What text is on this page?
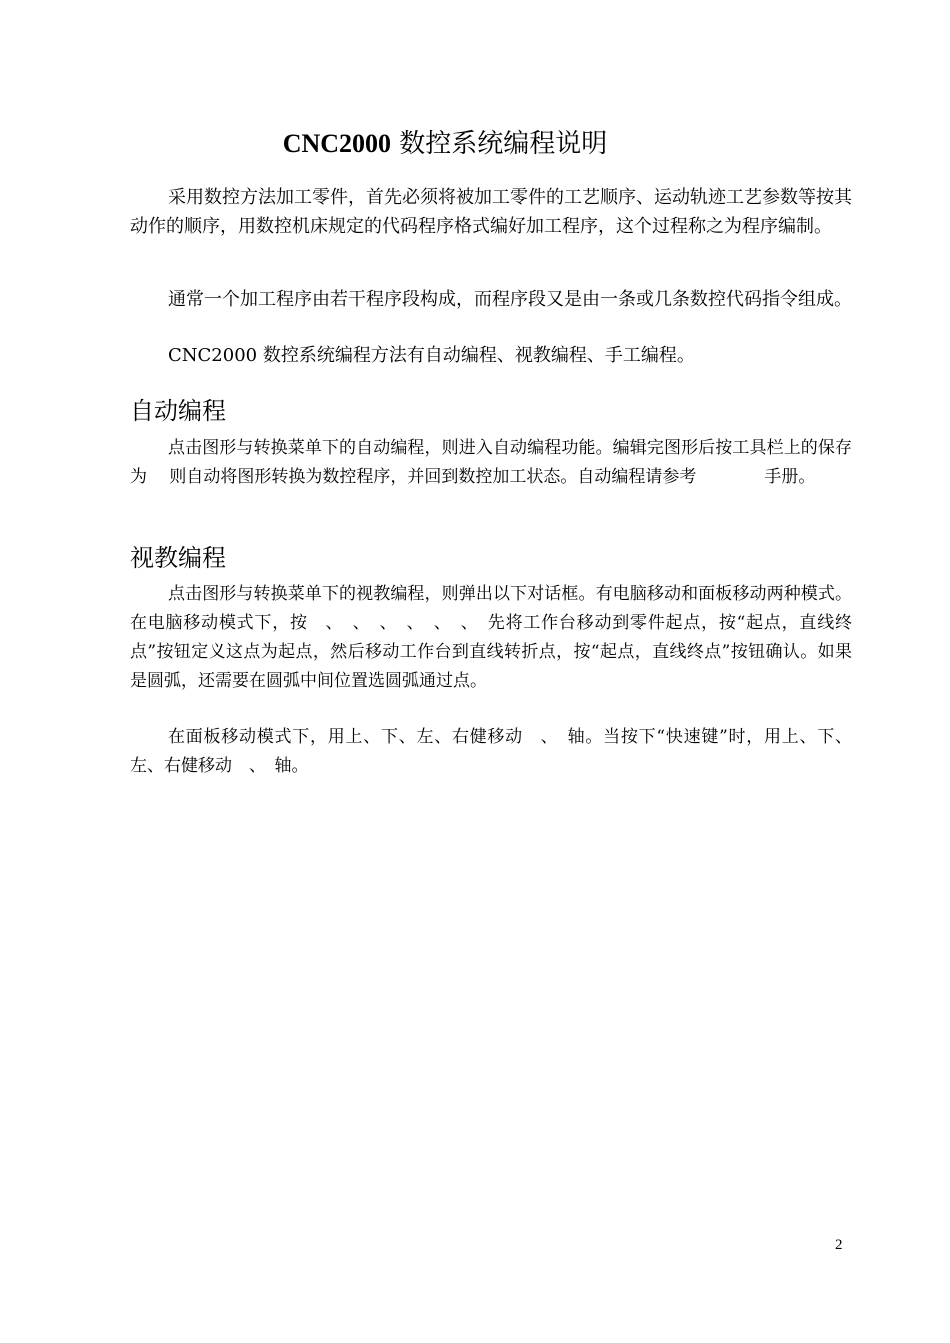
CNC2000 数控系统编程说明

采用数控方法加工零件，首先必须将被加工零件的工艺顺序、运动轨迹工艺参数等按其动作的顺序，用数控机床规定的代码程序格式编好加工程序，这个过程称之为程序编制。

通常一个加工程序由若干程序段构成，而程序段又是由一条或几条数控代码指令组成。

CNC2000 数控系统编程方法有自动编程、视教编程、手工编程。

自动编程

点击图形与转换菜单下的自动编程，则进入自动编程功能。编辑完图形后按工具栏上的保存为　 则自动将图形转换为数控程序，并回到数控加工状态。自动编程请参考　　　　手册。

视教编程

点击图形与转换菜单下的视教编程，则弹出以下对话框。有电脑移动和面板移动两种模式。在电脑移动模式下，按　、　、　、　、　、　、　先将工作台移动到零件起点，按“起点，直线终点”按钮定义这点为起点，然后移动工作台到直线转折点，按“起点，直线终点”按钮确认。如果是圆弧，还需要在圆弧中间位置选圆弧通过点。

在面板移动模式下，用上、下、左、右健移动　、　轴。当按下“快速键”时，用上、下、左、右健移动　、　轴。

2
